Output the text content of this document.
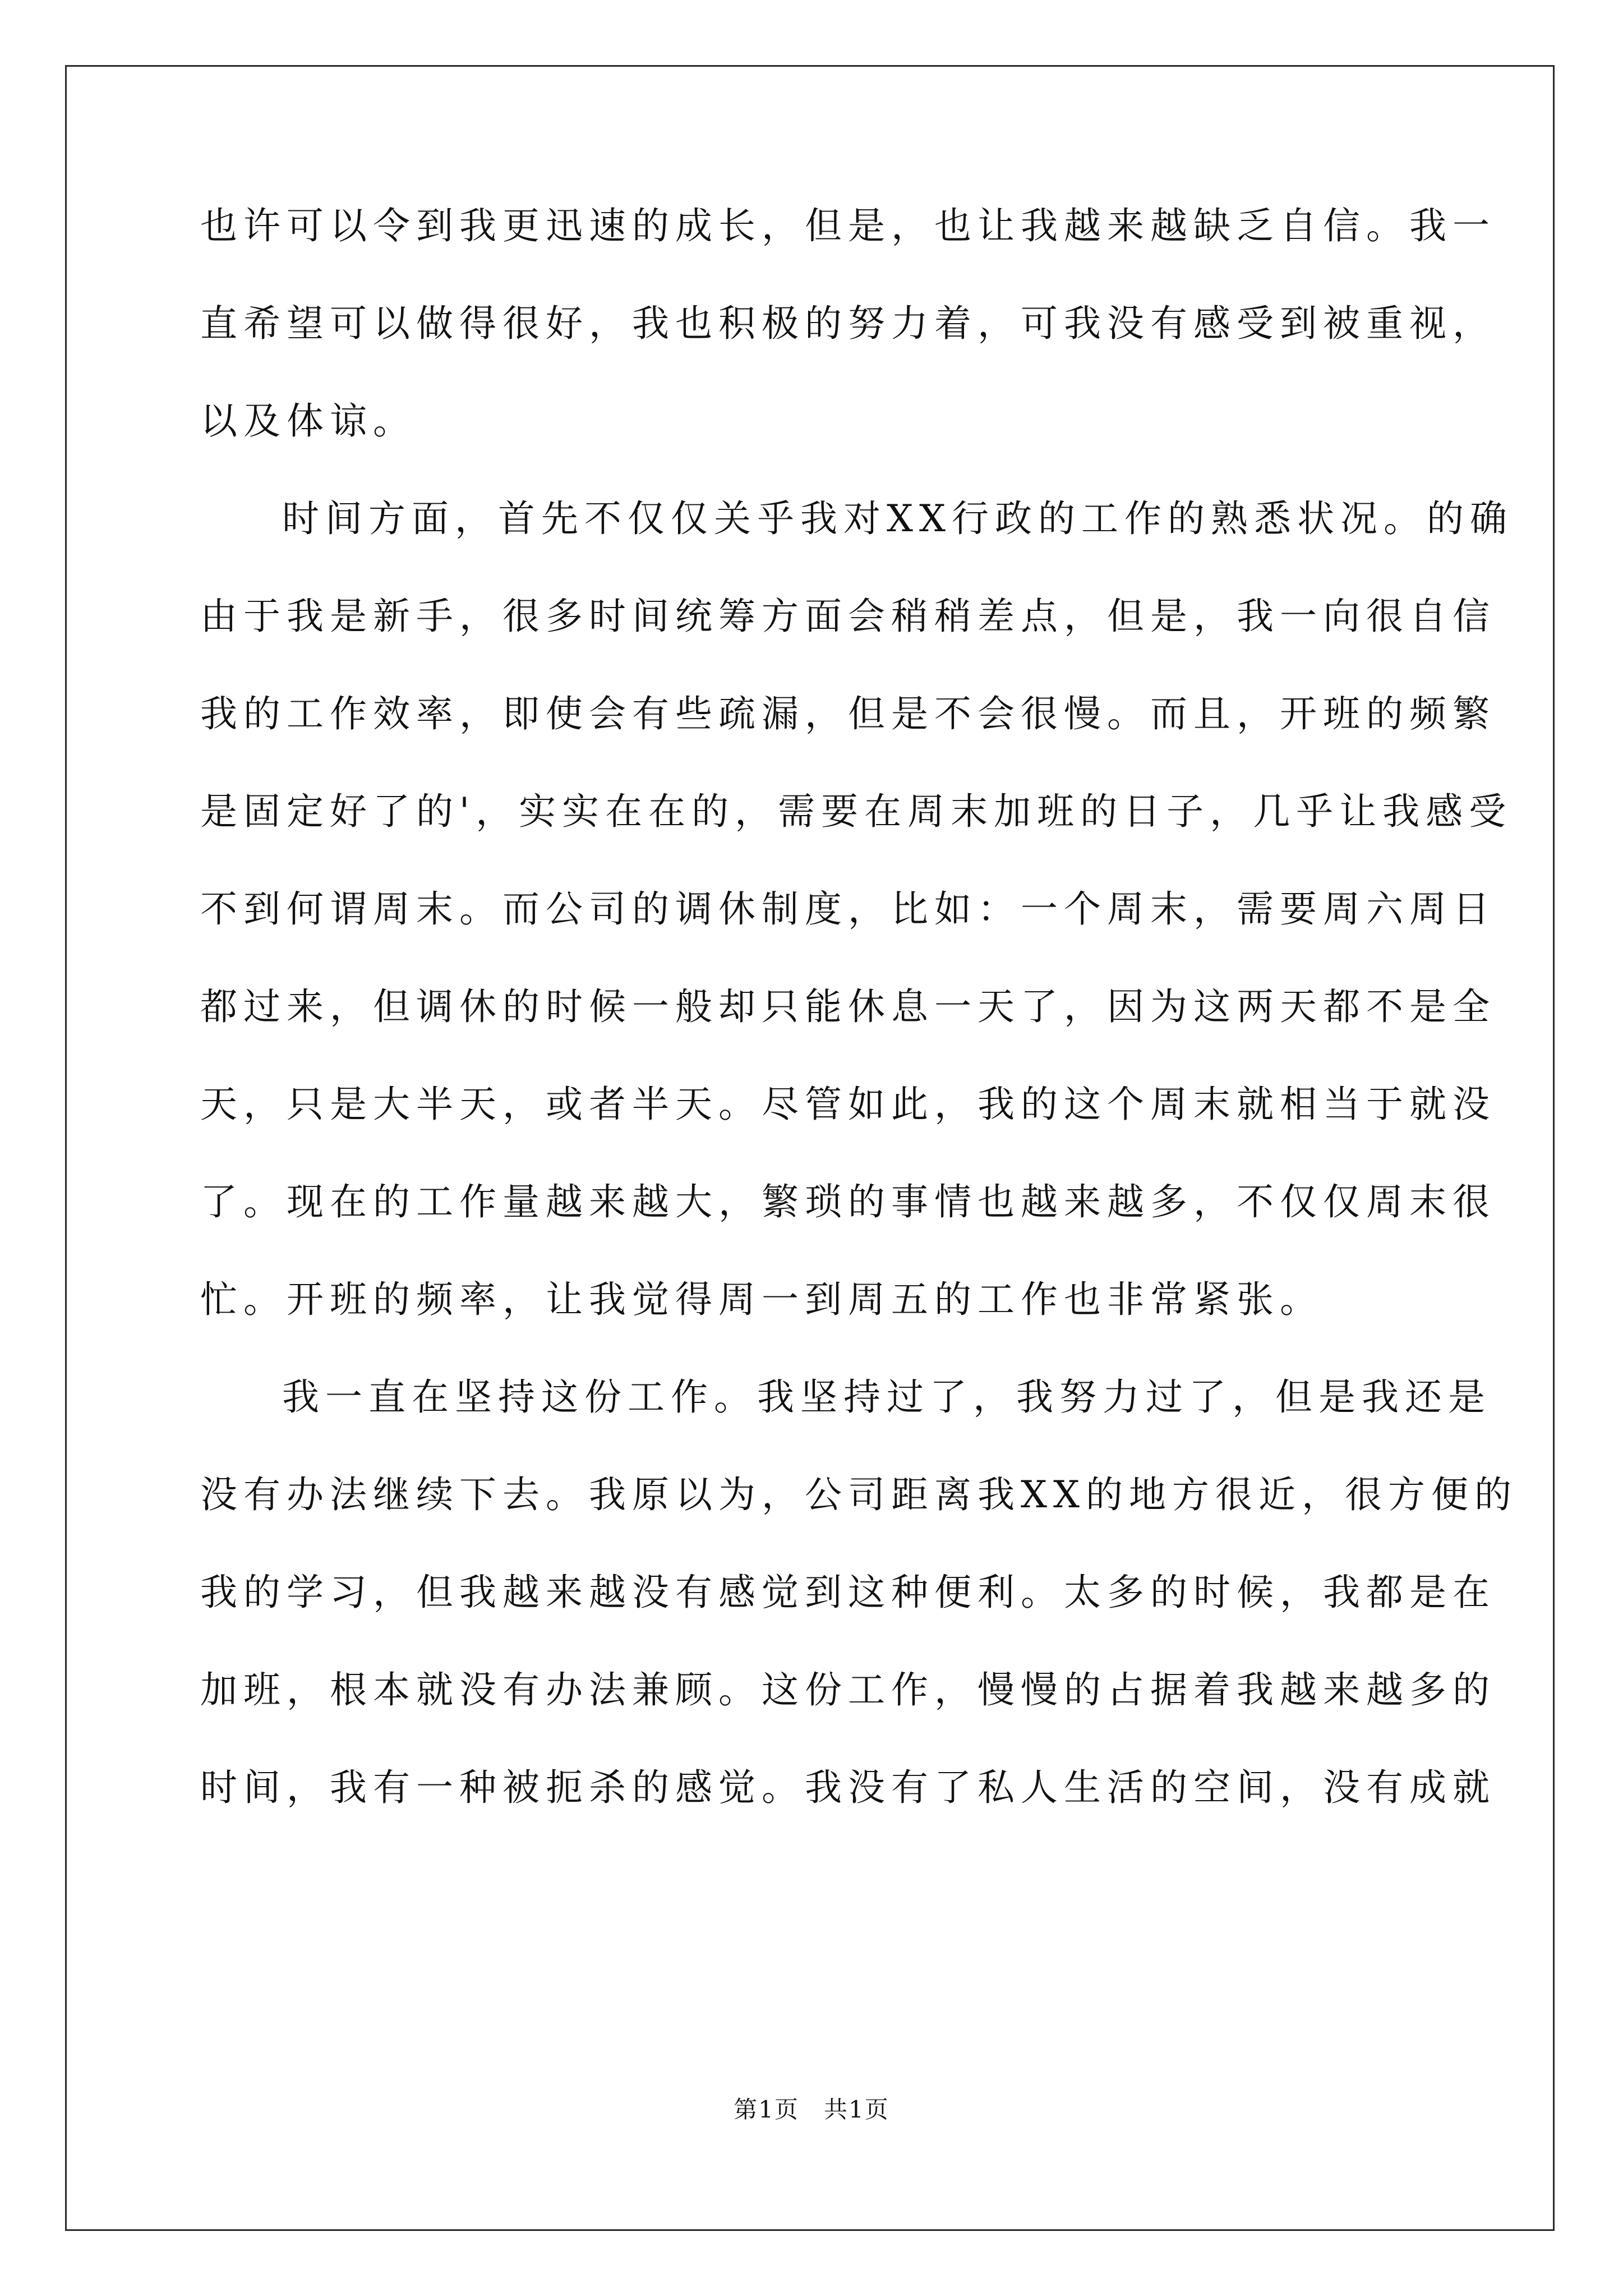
也许可以令到我更迅速的成长，但是，也让我越来越缺乏自信。我一
直希望可以做得很好，我也积极的努力着，可我没有感受到被重视，
以及体谅。
时间方面，首先不仅仅关乎我对XX行政的工作的熟悉状况。的确
由于我是新手，很多时间统筹方面会稍稍差点，但是，我一向很自信
我的工作效率，即使会有些疏漏，但是不会很慢。而且，开班的频繁
是固定好了的'，实实在在的，需要在周末加班的日子，几乎让我感受
不到何谓周末。而公司的调休制度，比如：一个周末，需要周六周日
都过来，但调休的时候一般却只能休息一天了，因为这两天都不是全
天，只是大半天，或者半天。尽管如此，我的这个周末就相当于就没
了。现在的工作量越来越大，繁琐的事情也越来越多，不仅仅周末很
忙。开班的频率，让我觉得周一到周五的工作也非常紧张。
我一直在坚持这份工作。我坚持过了，我努力过了，但是我还是
没有办法继续下去。我原以为，公司距离我XX的地方很近，很方便的
我的学习，但我越来越没有感觉到这种便利。太多的时候，我都是在
加班，根本就没有办法兼顾。这份工作，慢慢的占据着我越来越多的
时间，我有一种被扼杀的感觉。我没有了私人生活的空间，没有成就
第1页　共1页
